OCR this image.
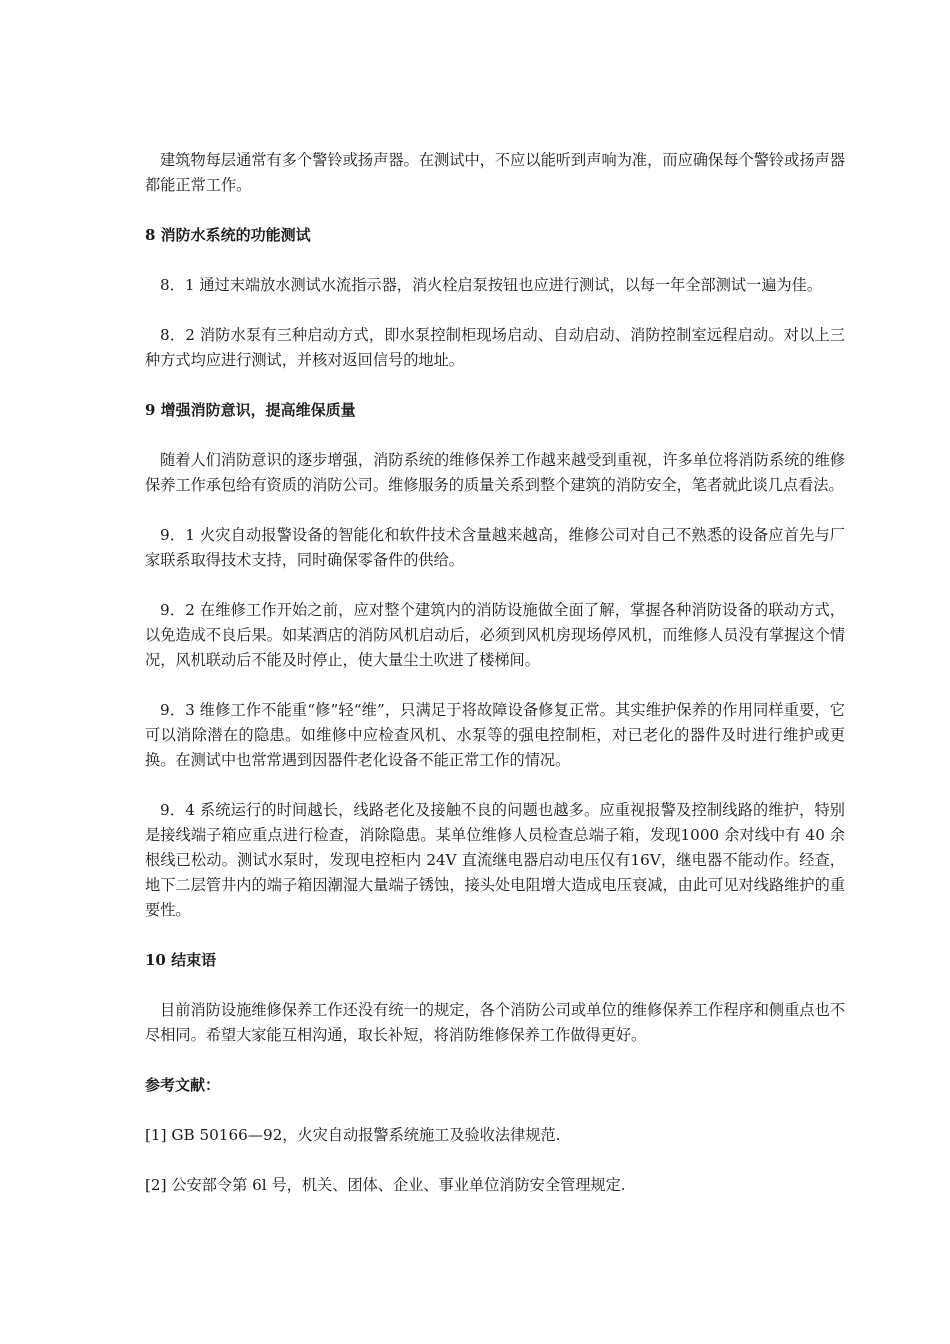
建筑物每层通常有多个警铃或扬声器。在测试中，不应以能听到声响为准，而应确保每个警铃或扬声器都能正常工作。

8 消防水系统的功能测试

8．1 通过末端放水测试水流指示器，消火栓启泵按钮也应进行测试，以每一年全部测试一遍为佳。

8．2 消防水泵有三种启动方式，即水泵控制柜现场启动、自动启动、消防控制室远程启动。对以上三种方式均应进行测试，并核对返回信号的地址。

9 增强消防意识，提高维保质量

随着人们消防意识的逐步增强，消防系统的维修保养工作越来越受到重视，许多单位将消防系统的维修保养工作承包给有资质的消防公司。维修服务的质量关系到整个建筑的消防安全，笔者就此谈几点看法。

9．1 火灾自动报警设备的智能化和软件技术含量越来越高，维修公司对自己不熟悉的设备应首先与厂家联系取得技术支持，同时确保零备件的供给。

9．2 在维修工作开始之前，应对整个建筑内的消防设施做全面了解，掌握各种消防设备的联动方式，以免造成不良后果。如某酒店的消防风机启动后，必须到风机房现场停风机，而维修人员没有掌握这个情况，风机联动后不能及时停止，使大量尘土吹进了楼梯间。

9．3 维修工作不能重“修”轻“维”，只满足于将故障设备修复正常。其实维护保养的作用同样重要，它可以消除潜在的隐患。如维修中应检查风机、水泵等的强电控制柜，对已老化的器件及时进行维护或更换。在测试中也常常遇到因器件老化设备不能正常工作的情况。

9．4 系统运行的时间越长，线路老化及接触不良的问题也越多。应重视报警及控制线路的维护，特别是接线端子箱应重点进行检查，消除隐患。某单位维修人员检查总端子箱，发现1000 余对线中有 40 余根线已松动。测试水泵时，发现电控柜内 24V 直流继电器启动电压仅有16V，继电器不能动作。经查，地下二层管井内的端子箱因潮湿大量端子锈蚀，接头处电阻增大造成电压衰减，由此可见对线路维护的重要性。

10 结束语

目前消防设施维修保养工作还没有统一的规定，各个消防公司或单位的维修保养工作程序和侧重点也不尽相同。希望大家能互相沟通，取长补短，将消防维修保养工作做得更好。

参考文献：

[1] GB 50166—92，火灾自动报警系统施工及验收法律规范.

[2] 公安部令第 6l 号，机关、团体、企业、事业单位消防安全管理规定.
